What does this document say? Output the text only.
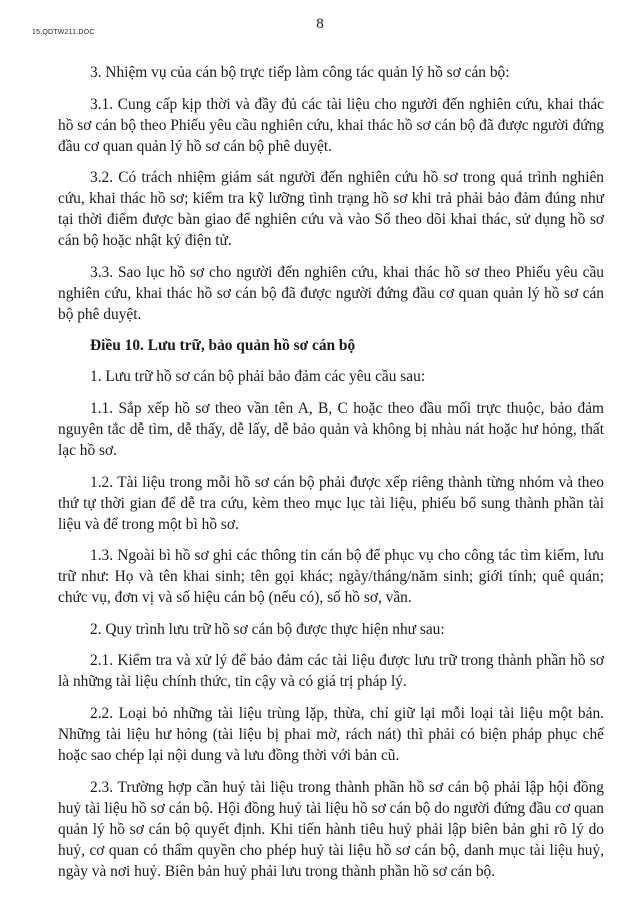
15.QDTW211.DOC
8

3. Nhiệm vụ của cán bộ trực tiếp làm công tác quản lý hồ sơ cán bộ:

3.1. Cung cấp kịp thời và đầy đủ các tài liệu cho người đến nghiên cứu, khai thác hồ sơ cán bộ theo Phiếu yêu cầu nghiên cứu, khai thác hồ sơ cán bộ đã được người đứng đầu cơ quan quản lý hồ sơ cán bộ phê duyệt.

3.2. Có trách nhiệm giám sát người đến nghiên cứu hồ sơ trong quá trình nghiên cứu, khai thác hồ sơ; kiểm tra kỹ lưỡng tình trạng hồ sơ khi trả phải bảo đảm đúng như tại thời điểm được bàn giao để nghiên cứu và vào Sổ theo dõi khai thác, sử dụng hồ sơ cán bộ hoặc nhật ký điện tử.

3.3. Sao lục hồ sơ cho người đến nghiên cứu, khai thác hồ sơ theo Phiếu yêu cầu nghiên cứu, khai thác hồ sơ cán bộ đã được người đứng đầu cơ quan quản lý hồ sơ cán bộ phê duyệt.

Điều 10. Lưu trữ, bảo quản hồ sơ cán bộ

1. Lưu trữ hồ sơ cán bộ phải bảo đảm các yêu cầu sau:

1.1. Sắp xếp hồ sơ theo vần tên A, B, C hoặc theo đầu mối trực thuộc, bảo đảm nguyên tắc dễ tìm, dễ thấy, dễ lấy, dễ bảo quản và không bị nhàu nát hoặc hư hỏng, thất lạc hồ sơ.

1.2. Tài liệu trong mỗi hồ sơ cán bộ phải được xếp riêng thành từng nhóm và theo thứ tự thời gian để dễ tra cứu, kèm theo mục lục tài liệu, phiếu bổ sung thành phần tài liệu và để trong một bì hồ sơ.

1.3. Ngoài bì hồ sơ ghi các thông tin cán bộ để phục vụ cho công tác tìm kiếm, lưu trữ như: Họ và tên khai sinh; tên gọi khác; ngày/tháng/năm sinh; giới tính; quê quán; chức vụ, đơn vị và số hiệu cán bộ (nếu có), số hồ sơ, vần.

2. Quy trình lưu trữ hồ sơ cán bộ được thực hiện như sau:

2.1. Kiểm tra và xử lý để bảo đảm các tài liệu được lưu trữ trong thành phần hồ sơ là những tài liệu chính thức, tin cậy và có giá trị pháp lý.

2.2. Loại bỏ những tài liệu trùng lặp, thừa, chỉ giữ lại mỗi loại tài liệu một bản. Những tài liệu hư hỏng (tài liệu bị phai mờ, rách nát) thì phải có biện pháp phục chế hoặc sao chép lại nội dung và lưu đồng thời với bản cũ.

2.3. Trường hợp cần huỷ tài liệu trong thành phần hồ sơ cán bộ phải lập hội đồng huỷ tài liệu hồ sơ cán bộ. Hội đồng huỷ tài liệu hồ sơ cán bộ do người đứng đầu cơ quan quản lý hồ sơ cán bộ quyết định. Khi tiến hành tiêu huỷ phải lập biên bản ghi rõ lý do huỷ, cơ quan có thẩm quyền cho phép huỷ tài liệu hồ sơ cán bộ, danh mục tài liệu huỷ, ngày và nơi huỷ. Biên bản huỷ phải lưu trong thành phần hồ sơ cán bộ.
